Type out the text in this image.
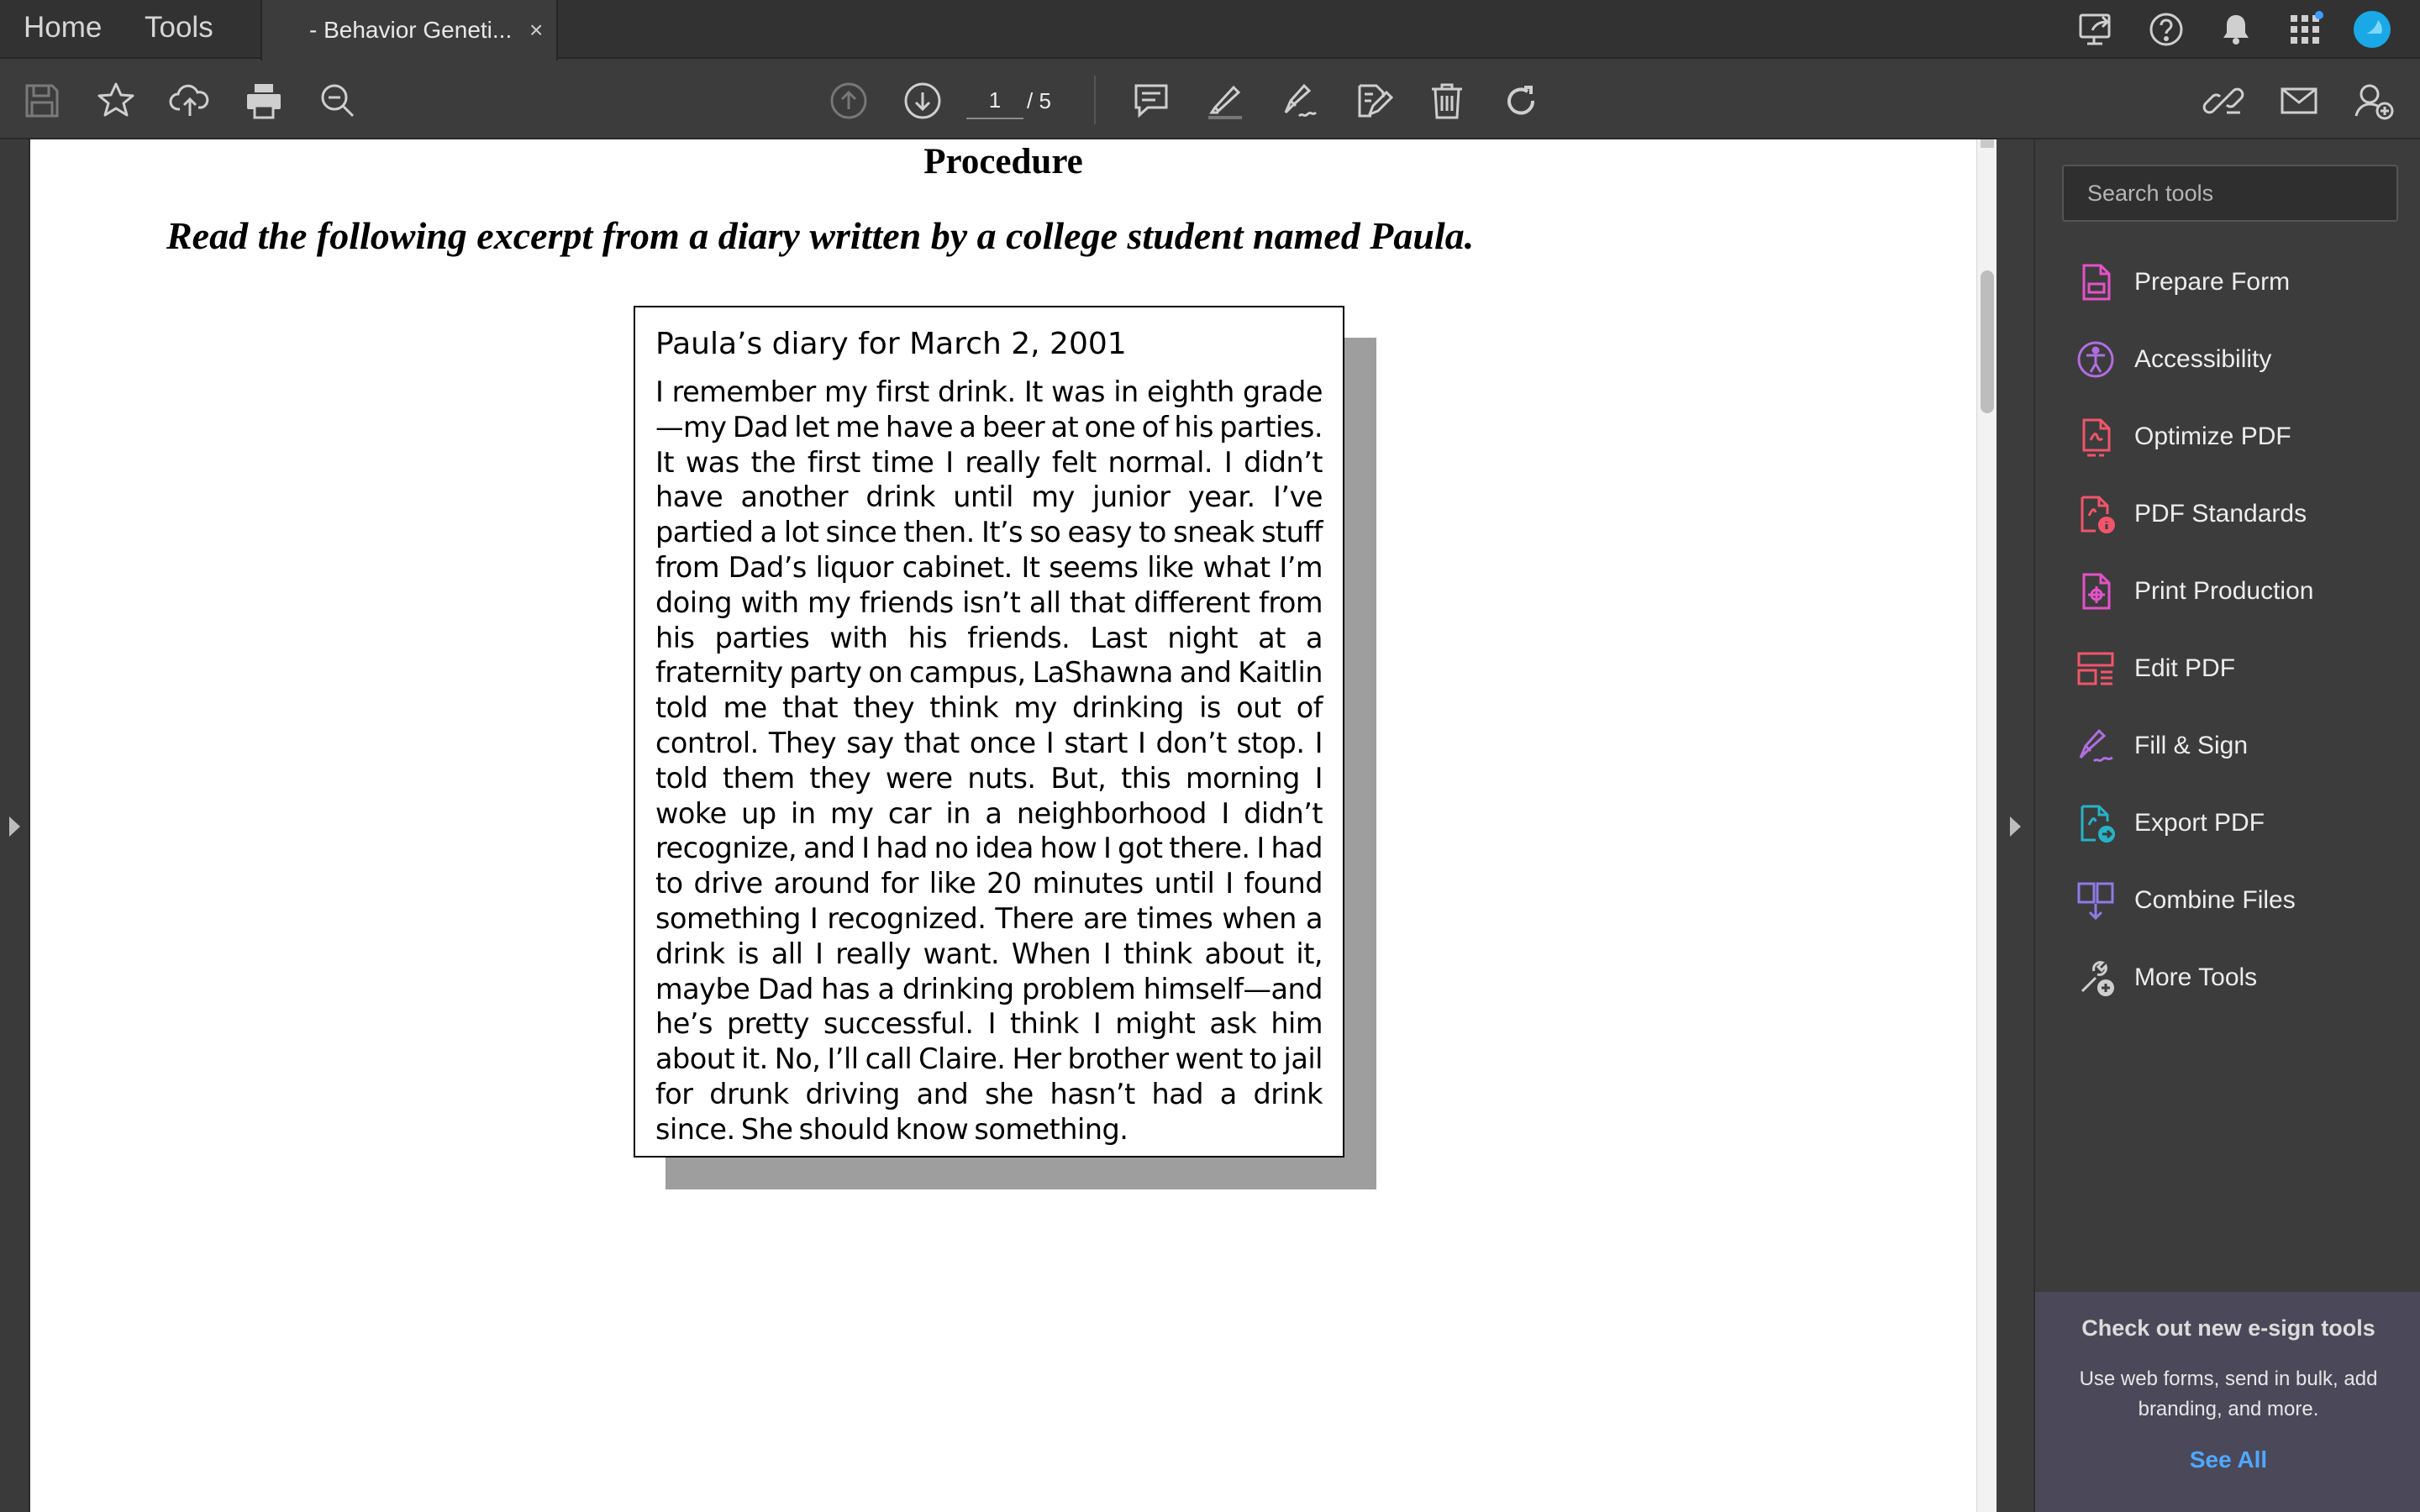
Home Tools	- Behavior Geneti... ×
1
/ 5
Procedure
Read the following excerpt from a diary written by a college student named Paula.
Paula’s diary for March 2, 2001
I remember my first drink. It was in eighth grade—my Dad let me have a beer at one of his parties. It was the first time I really felt normal. I didn’t have another drink until my junior year. I’ve partied a lot since then. It’s so easy to sneak stuff from Dad’s liquor cabinet. It seems like what I’m doing with my friends isn’t all that different from his parties with his friends. Last night at a fraternity party on campus, LaShawna and Kaitlin told me that they think my drinking is out of control. They say that once I start I don’t stop. I told them they were nuts. But, this morning I woke up in my car in a neighborhood I didn’t recognize, and I had no idea how I got there. I had to drive around for like 20 minutes until I found something I recognized. There are times when a drink is all I really want. When I think about it, maybe Dad has a drinking problem himself—and he’s pretty successful. I think I might ask him about it. No, I’ll call Claire. Her brother went to jail for drunk driving and she hasn’t had a drink since. She should know something.
Search tools
Prepare Form
Accessibility
Optimize PDF
PDF Standards
Print Production
Edit PDF
Fill & Sign
Export PDF
Combine Files
More Tools
Check out new e-sign tools
Use web forms, send in bulk, add branding, and more.
See All
